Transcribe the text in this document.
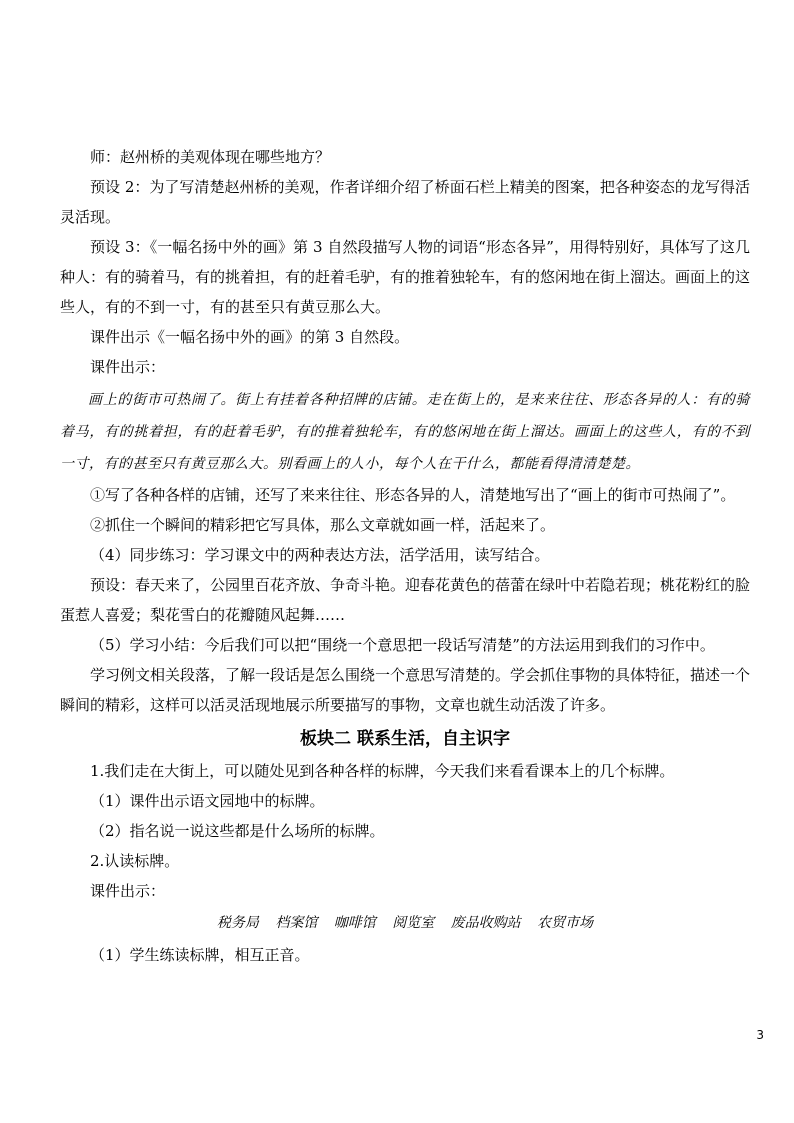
师：赵州桥的美观体现在哪些地方？

预设 2：为了写清楚赵州桥的美观，作者详细介绍了桥面石栏上精美的图案，把各种姿态的龙写得活灵活现。

预设 3：《一幅名扬中外的画》第 3 自然段描写人物的词语“形态各异”，用得特别好，具体写了这几种人：有的骑着马，有的挑着担，有的赶着毛驴，有的推着独轮车，有的悠闲地在街上溜达。画面上的这些人，有的不到一寸，有的甚至只有黄豆那么大。

课件出示《一幅名扬中外的画》的第 3 自然段。

课件出示：

画上的街市可热闹了。街上有挂着各种招牌的店铺。走在街上的，是来来往往、形态各异的人：有的骑着马，有的挑着担，有的赶着毛驴，有的推着独轮车，有的悠闲地在街上溜达。画面上的这些人，有的不到一寸，有的甚至只有黄豆那么大。别看画上的人小，每个人在干什么，都能看得清清楚楚。

①写了各种各样的店铺，还写了来来往往、形态各异的人，清楚地写出了“画上的街市可热闹了”。

②抓住一个瞬间的精彩把它写具体，那么文章就如画一样，活起来了。

（4）同步练习：学习课文中的两种表达方法，活学活用，读写结合。

预设：春天来了，公园里百花齐放、争奇斗艳。迎春花黄色的蓓蕾在绿叶中若隐若现；桃花粉红的脸蛋惹人喜爱；梨花雪白的花瓣随风起舞……

（5）学习小结：今后我们可以把“围绕一个意思把一段话写清楚”的方法运用到我们的习作中。

学习例文相关段落，了解一段话是怎么围绕一个意思写清楚的。学会抓住事物的具体特征，描述一个瞬间的精彩，这样可以活灵活现地展示所要描写的事物，文章也就生动活泼了许多。

板块二 联系生活，自主识字

1.我们走在大街上，可以随处见到各种各样的标牌，今天我们来看看课本上的几个标牌。

（1）课件出示语文园地中的标牌。

（2）指名说一说这些都是什么场所的标牌。

2.认读标牌。

课件出示：

税务局 档案馆 咖啡馆 阅览室 废品收购站 农贸市场

（1）学生练读标牌，相互正音。

3
